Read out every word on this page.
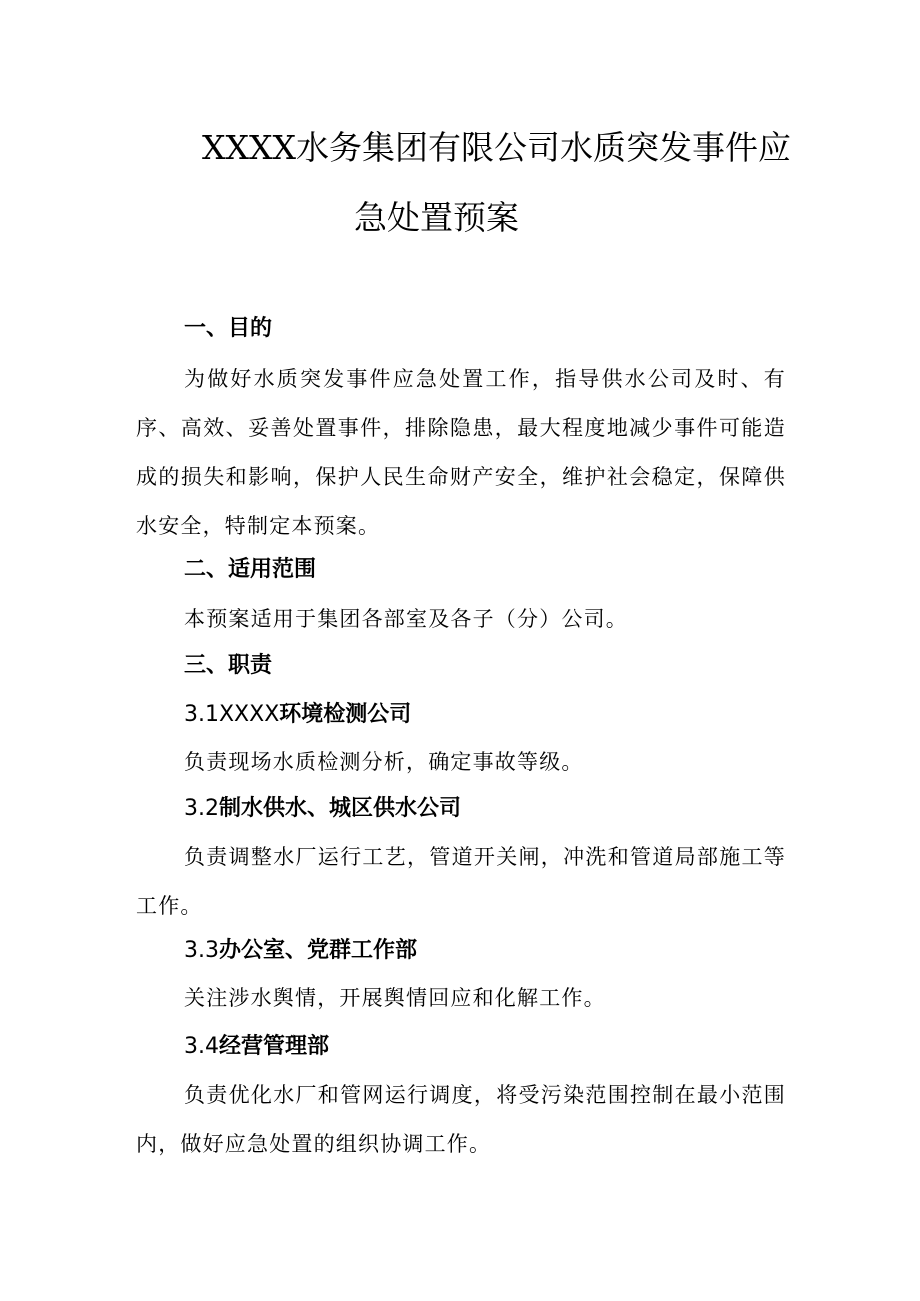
XXXX水务集团有限公司水质突发事件应
急处置预案

一、目的

为做好水质突发事件应急处置工作，指导供水公司及时、有序、高效、妥善处置事件，排除隐患，最大程度地减少事件可能造成的损失和影响，保护人民生命财产安全，维护社会稳定，保障供水安全，特制定本预案。

二、适用范围

本预案适用于集团各部室及各子（分）公司。

三、职责

3.1XXXX环境检测公司

负责现场水质检测分析，确定事故等级。

3.2制水供水、城区供水公司

负责调整水厂运行工艺，管道开关闸，冲洗和管道局部施工等工作。

3.3办公室、党群工作部

关注涉水舆情，开展舆情回应和化解工作。

3.4经营管理部

负责优化水厂和管网运行调度，将受污染范围控制在最小范围内，做好应急处置的组织协调工作。
